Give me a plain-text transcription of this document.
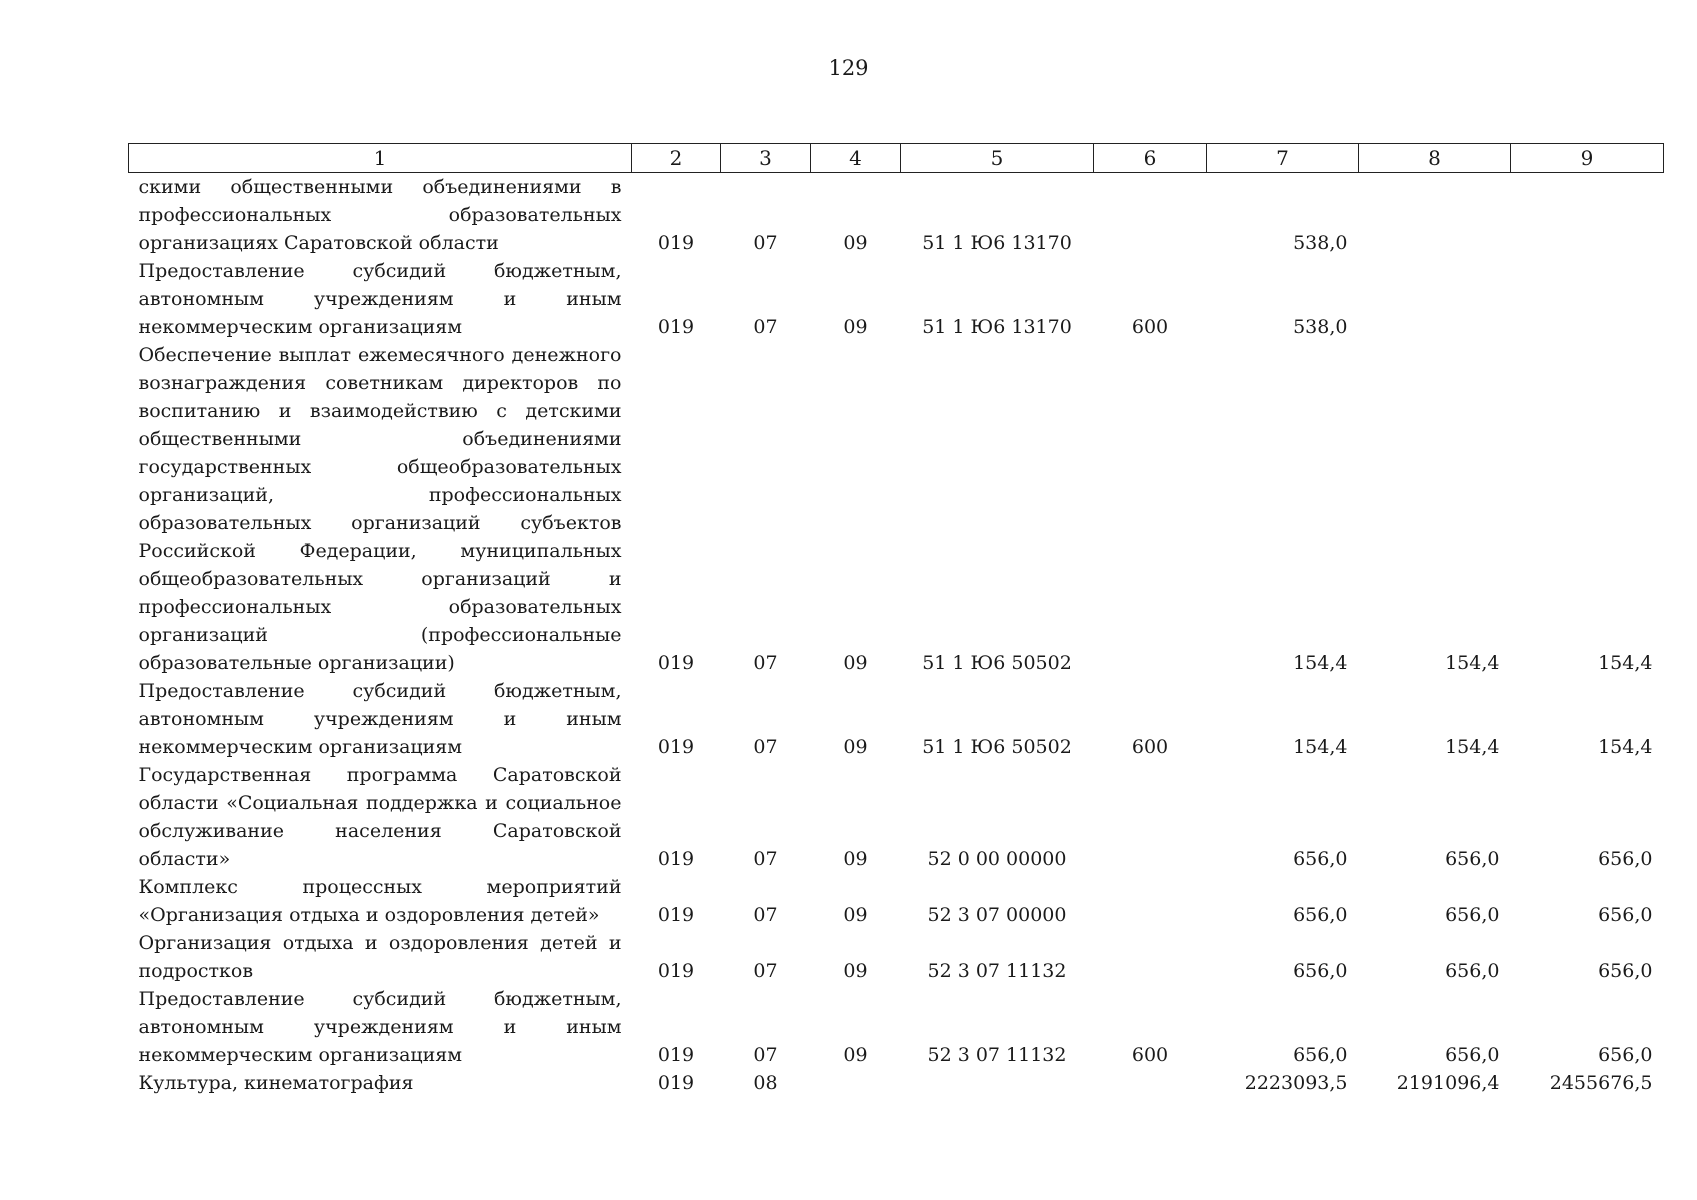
129
1	2	3	4	5	6	7	8	9
скими общественными объединениями в профессиональных образовательных организациях Саратовской области	019	07	09	51 1 Ю6 13170		538,0		
Предоставление субсидий бюджетным, автономным учреждениям и иным некоммерческим организациям	019	07	09	51 1 Ю6 13170	600	538,0		
Обеспечение выплат ежемесячного денежного вознаграждения советникам директоров по воспитанию и взаимодействию с детскими общественными объединениями государственных общеобразовательных организаций, профессиональных образовательных организаций субъектов Российской Федерации, муниципальных общеобразовательных организаций и профессиональных образовательных организаций (профессиональные образовательные организации)	019	07	09	51 1 Ю6 50502		154,4	154,4	154,4
Предоставление субсидий бюджетным, автономным учреждениям и иным некоммерческим организациям	019	07	09	51 1 Ю6 50502	600	154,4	154,4	154,4
Государственная программа Саратовской области «Социальная поддержка и социальное обслуживание населения Саратовской области»	019	07	09	52 0 00 00000		656,0	656,0	656,0
Комплекс процессных мероприятий «Организация отдыха и оздоровления детей»	019	07	09	52 3 07 00000		656,0	656,0	656,0
Организация отдыха и оздоровления детей и подростков	019	07	09	52 3 07 11132		656,0	656,0	656,0
Предоставление субсидий бюджетным, автономным учреждениям и иным некоммерческим организациям	019	07	09	52 3 07 11132	600	656,0	656,0	656,0
Культура, кинематография	019	08				2223093,5	2191096,4	2455676,5
